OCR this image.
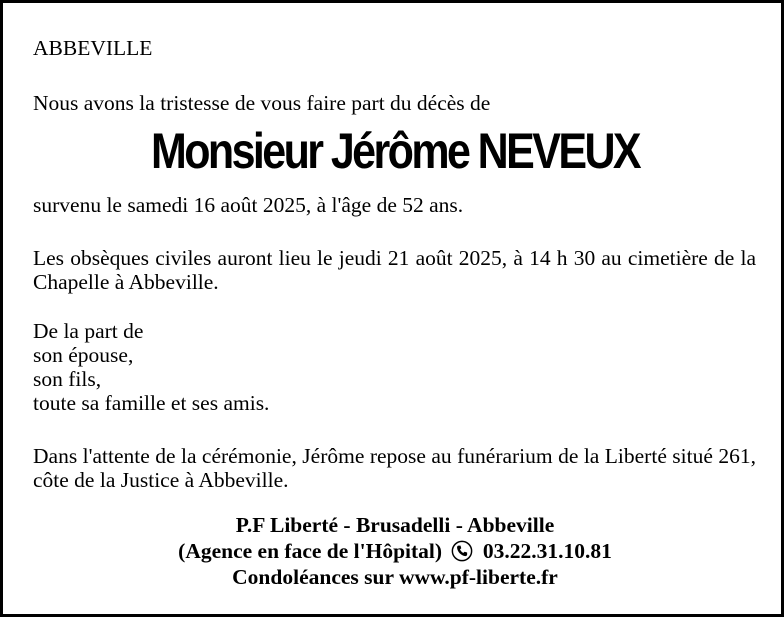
ABBEVILLE

Nous avons la tristesse de vous faire part du décès de

Monsieur Jérôme NEVEUX

survenu le samedi 16 août 2025, à l'âge de 52 ans.

Les obsèques civiles auront lieu le jeudi 21 août 2025, à 14 h 30 au cimetière de la Chapelle à Abbeville.

De la part de
son épouse,
son fils,
toute sa famille et ses amis.

Dans l'attente de la cérémonie, Jérôme repose au funérarium de la Liberté situé 261, côte de la Justice à Abbeville.

P.F Liberté - Brusadelli - Abbeville
(Agence en face de l'Hôpital) 03.22.31.10.81
Condoléances sur www.pf-liberte.fr
